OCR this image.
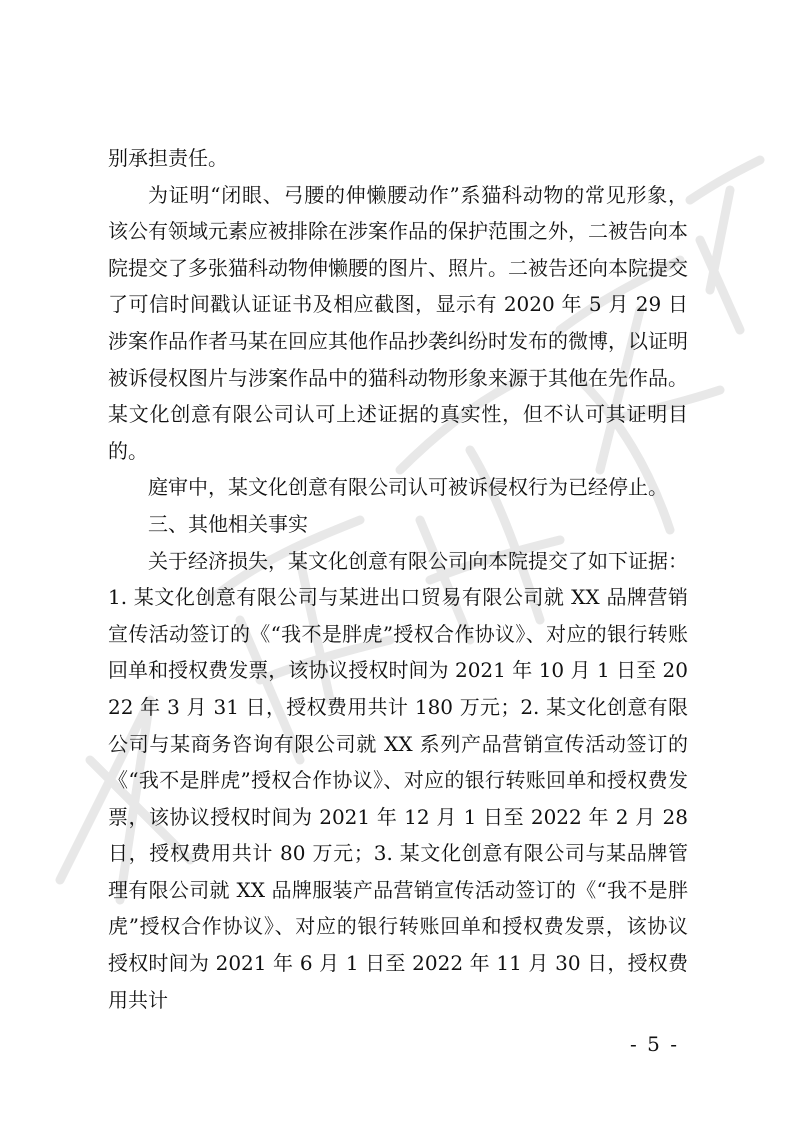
别承担责任。

为证明“闭眼、弓腰的伸懒腰动作”系猫科动物的常见形象，该公有领域元素应被排除在涉案作品的保护范围之外，二被告向本院提交了多张猫科动物伸懒腰的图片、照片。二被告还向本院提交了可信时间戳认证证书及相应截图，显示有 2020 年 5 月 29 日涉案作品作者马某在回应其他作品抄袭纠纷时发布的微博，以证明被诉侵权图片与涉案作品中的猫科动物形象来源于其他在先作品。某文化创意有限公司认可上述证据的真实性，但不认可其证明目的。

庭审中，某文化创意有限公司认可被诉侵权行为已经停止。

三、其他相关事实

关于经济损失，某文化创意有限公司向本院提交了如下证据：1. 某文化创意有限公司与某进出口贸易有限公司就 XX 品牌营销宣传活动签订的《“我不是胖虎”授权合作协议》、对应的银行转账回单和授权费发票，该协议授权时间为 2021 年 10 月 1 日至 2022 年 3 月 31 日，授权费用共计 180 万元；2. 某文化创意有限公司与某商务咨询有限公司就 XX 系列产品营销宣传活动签订的《“我不是胖虎”授权合作协议》、对应的银行转账回单和授权费发票，该协议授权时间为 2021 年 12 月 1 日至 2022 年 2 月 28 日，授权费用共计 80 万元；3. 某文化创意有限公司与某品牌管理有限公司就 XX 品牌服装产品营销宣传活动签订的《“我不是胖虎”授权合作协议》、对应的银行转账回单和授权费发票，该协议授权时间为 2021 年 6 月 1 日至 2022 年 11 月 30 日，授权费用共计

- 5 -
